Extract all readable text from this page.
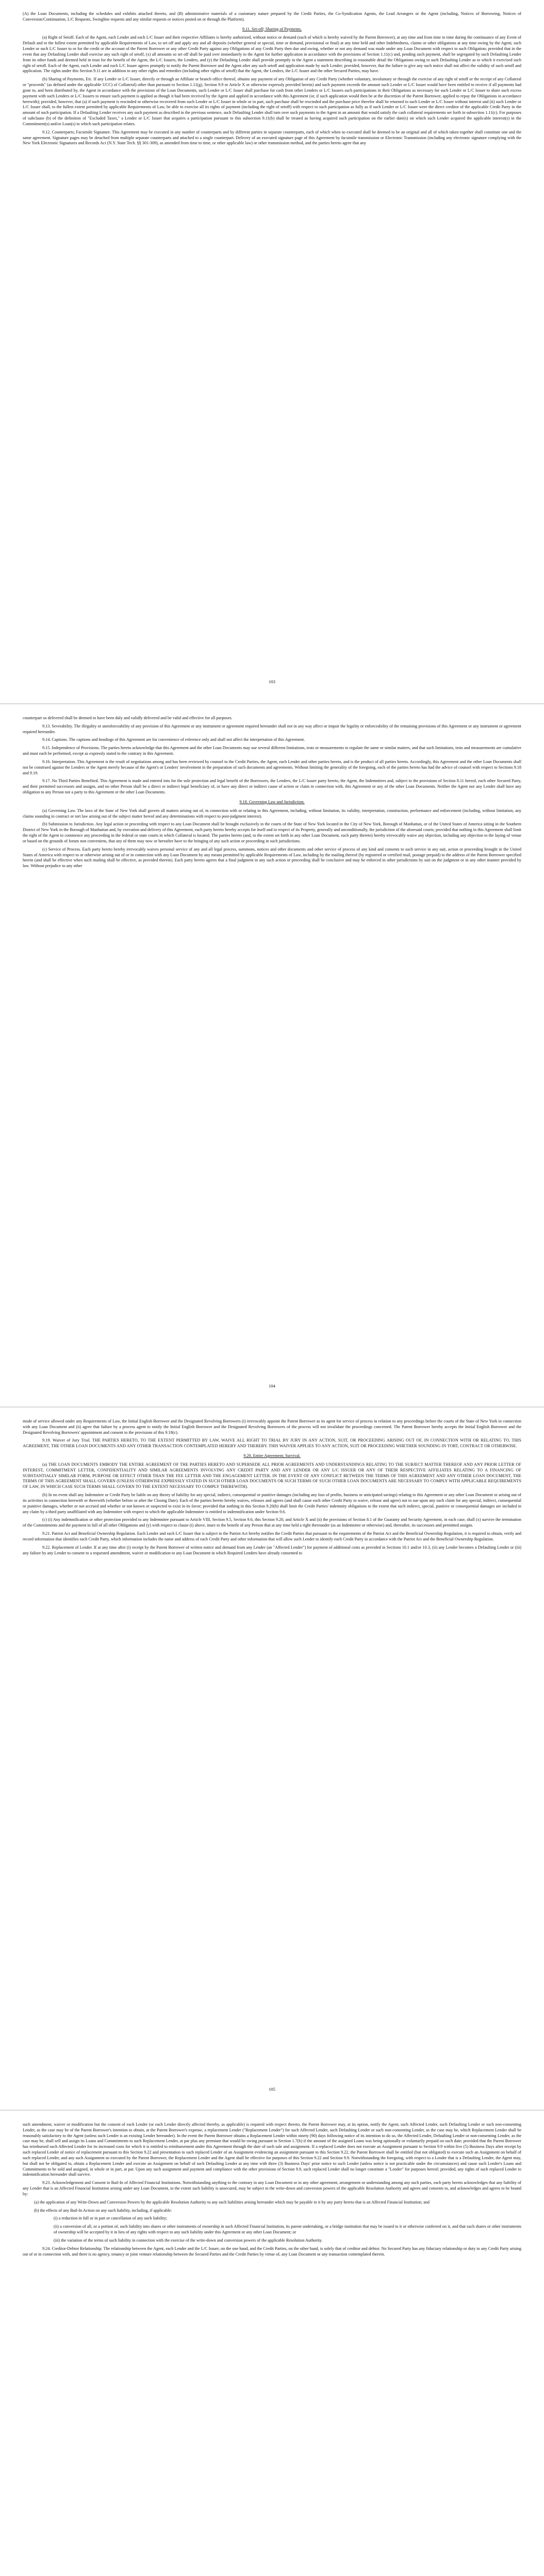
(A) the Loan Documents, including the schedules and exhibits attached thereto, and (B) administrative materials of a customary nature prepared by the Credit Parties, the Co-Syndication Agents, the Lead Arrangers or the Agent (including, Notices of Borrowing, Notices of Conversion/Continuation, L/C Requests, Swingline requests and any similar requests or notices posted on or through the Platform).

9.11. Set-off; Sharing of Payments.

(a) Right of Setoff. Each of the Agent, each Lender and each L/C Issuer and their respective Affiliates is hereby authorized, without notice or demand (each of which is hereby waived by the Parent Borrower), at any time and from time to time during the continuance of any Event of Default and to the fullest extent permitted by applicable Requirements of Law, to set off and apply any and all deposits (whether general or special, time or demand, provisional or final) at any time held and other Indebtedness, claims or other obligations at any time owing by the Agent, such Lender or such L/C Issuer to or for the credit or the account of the Parent Borrower or any other Credit Party against any Obligations of any Credit Party then due and owing, whether or not any demand was made under any Loan Document with respect to such Obligation; provided that in the event that any Defaulting Lender shall exercise any such right of setoff, (x) all amounts so set off shall be paid over immediately to the Agent for further application in accordance with the provisions of Section 1.11(c) and, pending such payment, shall be segregated by such Defaulting Lender from its other funds and deemed held in trust for the benefit of the Agent, the L/C Issuers, the Lenders, and (y) the Defaulting Lender shall provide promptly to the Agent a statement describing in reasonable detail the Obligations owing to such Defaulting Lender as to which it exercised such right of setoff. Each of the Agent, each Lender and each L/C Issuer agrees promptly to notify the Parent Borrower and the Agent after any such setoff and application made by such Lender; provided, however, that the failure to give any such notice shall not affect the validity of such setoff and application. The rights under this Section 9.11 are in addition to any other rights and remedies (including other rights of setoff) that the Agent, the Lenders, the L/C Issuer and the other Secured Parties, may have.

(b) Sharing of Payments, Etc. If any Lender or L/C Issuer, directly or through an Affiliate or branch office thereof, obtains any payment of any Obligation of any Credit Party (whether voluntary, involuntary or through the exercise of any right of setoff or the receipt of any Collateral or "proceeds" (as defined under the applicable UCC) of Collateral) other than pursuant to Section 1.11(g), Section 9.9 or Article X or otherwise expressly provided herein) and such payment exceeds the amount such Lender or L/C Issuer would have been entitled to receive if all payments had gone to, and been distributed by, the Agent in accordance with the provisions of the Loan Documents, such Lender or L/C Issuer shall purchase for cash from other Lenders or L/C Issuers such participations in their Obligations as necessary for such Lender or L/C Issuer to share such excess payment with such Lenders or L/C Issuers to ensure such payment is applied as though it had been received by the Agent and applied in accordance with this Agreement (or, if such application would then be at the discretion of the Parent Borrower, applied to repay the Obligations in accordance herewith); provided, however, that (a) if such payment is rescinded or otherwise recovered from such Lender or L/C Issuer in whole or in part, such purchase shall be rescinded and the purchase price therefor shall be returned to such Lender or L/C Issuer without interest and (ii) such Lender or L/C Issuer shall, to the fullest extent permitted by applicable Requirements of Law, be able to exercise all its rights of payment (including the right of setoff) with respect to such participation as fully as if such Lender or L/C Issuer were the direct creditor of the applicable Credit Party in the amount of such participation. If a Defaulting Lender receives any such payment as described in the previous sentence, such Defaulting Lender shall turn over such payments to the Agent in an amount that would satisfy the cash collateral requirements set forth in subsection 1.11(c). For purposes of subclause (b) of the definition of "Excluded Taxes," a Lender or L/C Issuer that acquires a participation pursuant to this subsection 9.11(b) shall be treated as having acquired such participation on the earlier date(s) on which such Lender acquired the applicable interest(s) in the Commitment(s) and/or Loan(s) to which such participation relates.

9.12. Counterparts; Facsimile Signature. This Agreement may be executed in any number of counterparts and by different parties in separate counterparts, each of which when so executed shall be deemed to be an original and all of which taken together shall constitute one and the same agreement. Signature pages may be detached from multiple separate counterparts and attached to a single counterpart. Delivery of an executed signature page of this Agreement by facsimile transmission or Electronic Transmission (including any electronic signature complying with the New York Electronic Signatures and Records Act (N.Y. State Tech. §§ 301-309), as amended from time to time, or other applicable law) or other transmission method, and the parties hereto agree that any

103

counterpart so delivered shall be deemed to have been duly and validly delivered and be valid and effective for all purposes.

9.13. Severability. The illegality or unenforceability of any provision of this Agreement or any instrument or agreement required hereunder shall not in any way affect or impair the legality or enforceability of the remaining provisions of this Agreement or any instrument or agreement required hereunder.

9.14. Captions. The captions and headings of this Agreement are for convenience of reference only and shall not affect the interpretation of this Agreement.

9.15. Independence of Provisions. The parties hereto acknowledge that this Agreement and the other Loan Documents may use several different limitations, tests or measurements to regulate the same or similar matters, and that such limitations, tests and measurements are cumulative and must each be performed, except as expressly stated to the contrary in this Agreement.

9.16. Interpretation. This Agreement is the result of negotiations among and has been reviewed by counsel to the Credit Parties, the Agent, each Lender and other parties hereto, and is the product of all parties hereto. Accordingly, this Agreement and the other Loan Documents shall not be construed against the Lenders or the Agent merely because of the Agent's or Lenders' involvement in the preparation of such documents and agreements. Without limiting the generality of the foregoing, each of the parties hereto has had the advice of counsel with respect to Sections 9.18 and 9.19.

9.17. No Third Parties Benefited. This Agreement is made and entered into for the sole protection and legal benefit of the Borrowers, the Lenders, the L/C Issuer party hereto, the Agent, the Indemnitees and, subject to the provisions of Section 8.11 hereof, each other Secured Party, and their permitted successors and assigns, and no other Person shall be a direct or indirect legal beneficiary of, or have any direct or indirect cause of action or claim in connection with, this Agreement or any of the other Loan Documents. Neither the Agent nor any Lender shall have any obligation to any Person not a party to this Agreement or the other Loan Documents.

9.18. Governing Law and Jurisdiction.

(a) Governing Law. The laws of the State of New York shall govern all matters arising out of, in connection with or relating to this Agreement, including, without limitation, its validity, interpretation, construction, performance and enforcement (including, without limitation, any claims sounding in contract or tort law arising out of the subject matter hereof and any determinations with respect to post-judgment interest).

(b) Submission to Jurisdiction. Any legal action or proceeding with respect to any Loan Document shall be brought exclusively in the courts of the State of New York located in the City of New York, Borough of Manhattan, or of the United States of America sitting in the Southern District of New York in the Borough of Manhattan and, by execution and delivery of this Agreement, each party hereto hereby accepts for itself and in respect of its Property, generally and unconditionally, the jurisdiction of the aforesaid courts; provided that nothing in this Agreement shall limit the right of the Agent to commence any proceeding in the federal or state courts in which Collateral is located. The parties hereto (and, to the extent set forth in any other Loan Document, each party thereto) hereby irrevocably waive any objection, including any objection to the laying of venue or based on the grounds of forum non conveniens, that any of them may now or hereafter have to the bringing of any such action or proceeding in such jurisdictions.

(c) Service of Process. Each party hereto hereby irrevocably waives personal service of any and all legal process, summons, notices and other documents and other service of process of any kind and consents to such service in any suit, action or proceeding brought in the United States of America with respect to or otherwise arising out of or in connection with any Loan Document by any means permitted by applicable Requirements of Law, including by the mailing thereof (by registered or certified mail, postage prepaid) to the address of the Parent Borrower specified herein (and shall be effective when such mailing shall be effective, as provided therein). Each party hereto agrees that a final judgment in any such action or proceeding shall be conclusive and may be enforced in other jurisdictions by suit on the judgment or in any other manner provided by law. Without prejudice to any other

104

mode of service allowed under any Requirements of Law, the Initial English Borrower and the Designated Revolving Borrowers (i) irrevocably appoint the Parent Borrower as its agent for service of process in relation to any proceedings before the courts of the State of New York in connection with any Loan Document and (ii) agree that failure by a process agent to notify the Initial English Borrower and the Designated Revolving Borrowers of the process will not invalidate the proceedings concerned. The Parent Borrower hereby accepts the Initial English Borrower and the Designated Revolving Borrowers' appointment and consent to the provisions of this 9.18(c).

9.19. Waiver of Jury Trial. THE PARTIES HERETO, TO THE EXTENT PERMITTED BY LAW, WAIVE ALL RIGHT TO TRIAL BY JURY IN ANY ACTION, SUIT, OR PROCEEDING ARISING OUT OF, IN CONNECTION WITH OR RELATING TO, THIS AGREEMENT, THE OTHER LOAN DOCUMENTS AND ANY OTHER TRANSACTION CONTEMPLATED HEREBY AND THEREBY. THIS WAIVER APPLIES TO ANY ACTION, SUIT OR PROCEEDING WHETHER SOUNDING IN TORT, CONTRACT OR OTHERWISE.

9.20. Entire Agreement; Survival.

(a) THE LOAN DOCUMENTS EMBODY THE ENTIRE AGREEMENT OF THE PARTIES HERETO AND SUPERSEDE ALL PRIOR AGREEMENTS AND UNDERSTANDINGS RELATING TO THE SUBJECT MATTER THEREOF AND ANY PRIOR LETTER OF INTEREST, COMMITMENT LETTER, CONFIDENTIALITY AND SIMILAR AGREEMENTS INVOLVING ANY CREDIT PARTY AND ANY LENDER OR ANY L/C ISSUER OR ANY OF THEIR RESPECTIVE AFFILIATES RELATING TO A FINANCING OF SUBSTANTIALLY SIMILAR FORM, PURPOSE OR EFFECT OTHER THAN THE FEE LETTER AND THE ENGAGEMENT LETTER. IN THE EVENT OF ANY CONFLICT BETWEEN THE TERMS OF THIS AGREEMENT AND ANY OTHER LOAN DOCUMENT, THE TERMS OF THIS AGREEMENT SHALL GOVERN (UNLESS OTHERWISE EXPRESSLY STATED IN SUCH OTHER LOAN DOCUMENTS OR SUCH TERMS OF SUCH OTHER LOAN DOCUMENTS ARE NECESSARY TO COMPLY WITH APPLICABLE REQUIREMENTS OF LAW, IN WHICH CASE SUCH TERMS SHALL GOVERN TO THE EXTENT NECESSARY TO COMPLY THEREWITH).

(b) In no event shall any Indemnitee or Credit Party be liable on any theory of liability for any special, indirect, consequential or punitive damages (including any loss of profits, business or anticipated savings) relating to this Agreement or any other Loan Document or arising out of its activities in connection herewith or therewith (whether before or after the Closing Date). Each of the parties hereto hereby waives, releases and agrees (and shall cause each other Credit Party to waive, release and agree) not to sue upon any such claim for any special, indirect, consequential or punitive damages, whether or not accrued and whether or not known or suspected to exist in its favor; provided that nothing in this Section 9.20(b) shall limit the Credit Parties' indemnity obligations to the extent that such indirect, special, punitive or consequential damages are included in any claim by a third party unaffiliated with any Indemnitee with respect to which the applicable Indemnitee is entitled to indemnification under Section 9.6.

(c) (i) Any indemnification or other protection provided to any Indemnitee pursuant to Article VIII, Section 9.5, Section 9.6, this Section 9.20, and Article X and (ii) the provisions of Section 8.1 of the Guaranty and Security Agreement, in each case, shall (x) survive the termination of the Commitments and the payment in full of all other Obligations and (y) with respect to clause (i) above, inure to the benefit of any Person that at any time held a right thereunder (as an Indemnitee or otherwise) and, thereafter, its successors and permitted assigns.

9.21. Patriot Act and Beneficial Ownership Regulation. Each Lender and each L/C Issuer that is subject to the Patriot Act hereby notifies the Credit Parties that pursuant to the requirements of the Patriot Act and the Beneficial Ownership Regulation, it is required to obtain, verify and record information that identifies each Credit Party, which information includes the name and address of each Credit Party and other information that will allow such Lender to identify each Credit Party in accordance with the Patriot Act and the Beneficial Ownership Regulation.

9.22. Replacement of Lender. If at any time after (i) receipt by the Parent Borrower of written notice and demand from any Lender (an "Affected Lender") for payment of additional costs as provided in Sections 10.1 and/or 10.3, (ii) any Lender becomes a Defaulting Lender or (iii) any failure by any Lender to consent to a requested amendment, waiver or modification to any Loan Document in which Required Lenders have already consented to

105

such amendment, waiver or modification but the consent of each Lender (or each Lender directly affected thereby, as applicable) is required with respect thereto, the Parent Borrower may, at its option, notify the Agent, such Affected Lender, such Defaulting Lender or such non-consenting Lender, as the case may be of the Parent Borrower's intention to obtain, at the Parent Borrower's expense, a replacement Lender ("Replacement Lender") for such Affected Lender, such Defaulting Lender or such non-consenting Lender, as the case may be, which Replacement Lender shall be reasonably satisfactory to the Agent (unless such Lender is an existing Lender hereunder). In the event the Parent Borrower obtains a Replacement Lender within ninety (90) days following notice of its intention to do so, the Affected Lender, Defaulting Lender or non-consenting Lender, as the case may be, shall sell and assign its Loans and Commitments to such Replacement Lender, at par plus any premium that would be owing pursuant to Section 1.7(b) if the amount of the assigned Loans was being optionally or voluntarily prepaid on such date; provided that the Parent Borrower has reimbursed such Affected Lender for its increased costs for which it is entitled to reimbursement under this Agreement through the date of such sale and assignment. If a replaced Lender does not execute an Assignment pursuant to Section 9.9 within five (5) Business Days after receipt by such replaced Lender of notice of replacement pursuant to this Section 9.22 and presentation to such replaced Lender of an Assignment evidencing an assignment pursuant to this Section 9.22, the Parent Borrower shall be entitled (but not obligated) to execute such an Assignment on behalf of such replaced Lender, and any such Assignment so executed by the Parent Borrower, the Replacement Lender and the Agent shall be effective for purposes of this Section 9.22 and Section 9.9. Notwithstanding the foregoing, with respect to a Lender that is a Defaulting Lender, the Agent may, but shall not be obligated to, obtain a Replacement Lender and execute an Assignment on behalf of such Defaulting Lender at any time with three (3) Business Days' prior notice to such Lender (unless notice is not practicable under the circumstances) and cause such Lender's Loans and Commitments to be sold and assigned, in whole or in part, at par. Upon any such assignment and payment and compliance with the other provisions of Section 9.9, such replaced Lender shall no longer constitute a "Lender" for purposes hereof; provided, any rights of such replaced Lender to indemnification hereunder shall survive.

9.23. Acknowledgement and Consent to Bail-In of Affected Financial Institutions. Notwithstanding anything to the contrary in any Loan Document or in any other agreement, arrangement or understanding among any such parties, each party hereto acknowledges that any liability of any Lender that is an Affected Financial Institution arising under any Loan Document, to the extent such liability is unsecured, may be subject to the write-down and conversion powers of the applicable Resolution Authority and agrees and consents to, and acknowledges and agrees to be bound by:

(a) the application of any Write-Down and Conversion Powers by the applicable Resolution Authority to any such liabilities arising hereunder which may be payable to it by any party hereto that is an Affected Financial Institution; and

(b) the effects of any Bail-In Action on any such liability, including, if applicable:

(i) a reduction in full or in part or cancellation of any such liability;

(ii) a conversion of all, or a portion of, such liability into shares or other instruments of ownership in such Affected Financial Institution, its parent undertaking, or a bridge institution that may be issued to it or otherwise conferred on it, and that such shares or other instruments of ownership will be accepted by it in lieu of any rights with respect to any such liability under this Agreement or any other Loan Document; or

(iii) the variation of the terms of such liability in connection with the exercise of the write-down and conversion powers of the applicable Resolution Authority.

9.24. Creditor-Debtor Relationship. The relationship between the Agent, each Lender and the L/C Issuer, on the one hand, and the Credit Parties, on the other hand, is solely that of creditor and debtor. No Secured Party has any fiduciary relationship or duty to any Credit Party arising out of or in connection with, and there is no agency, tenancy or joint venture relationship between the Secured Parties and the Credit Parties by virtue of, any Loan Document or any transaction contemplated therein.
